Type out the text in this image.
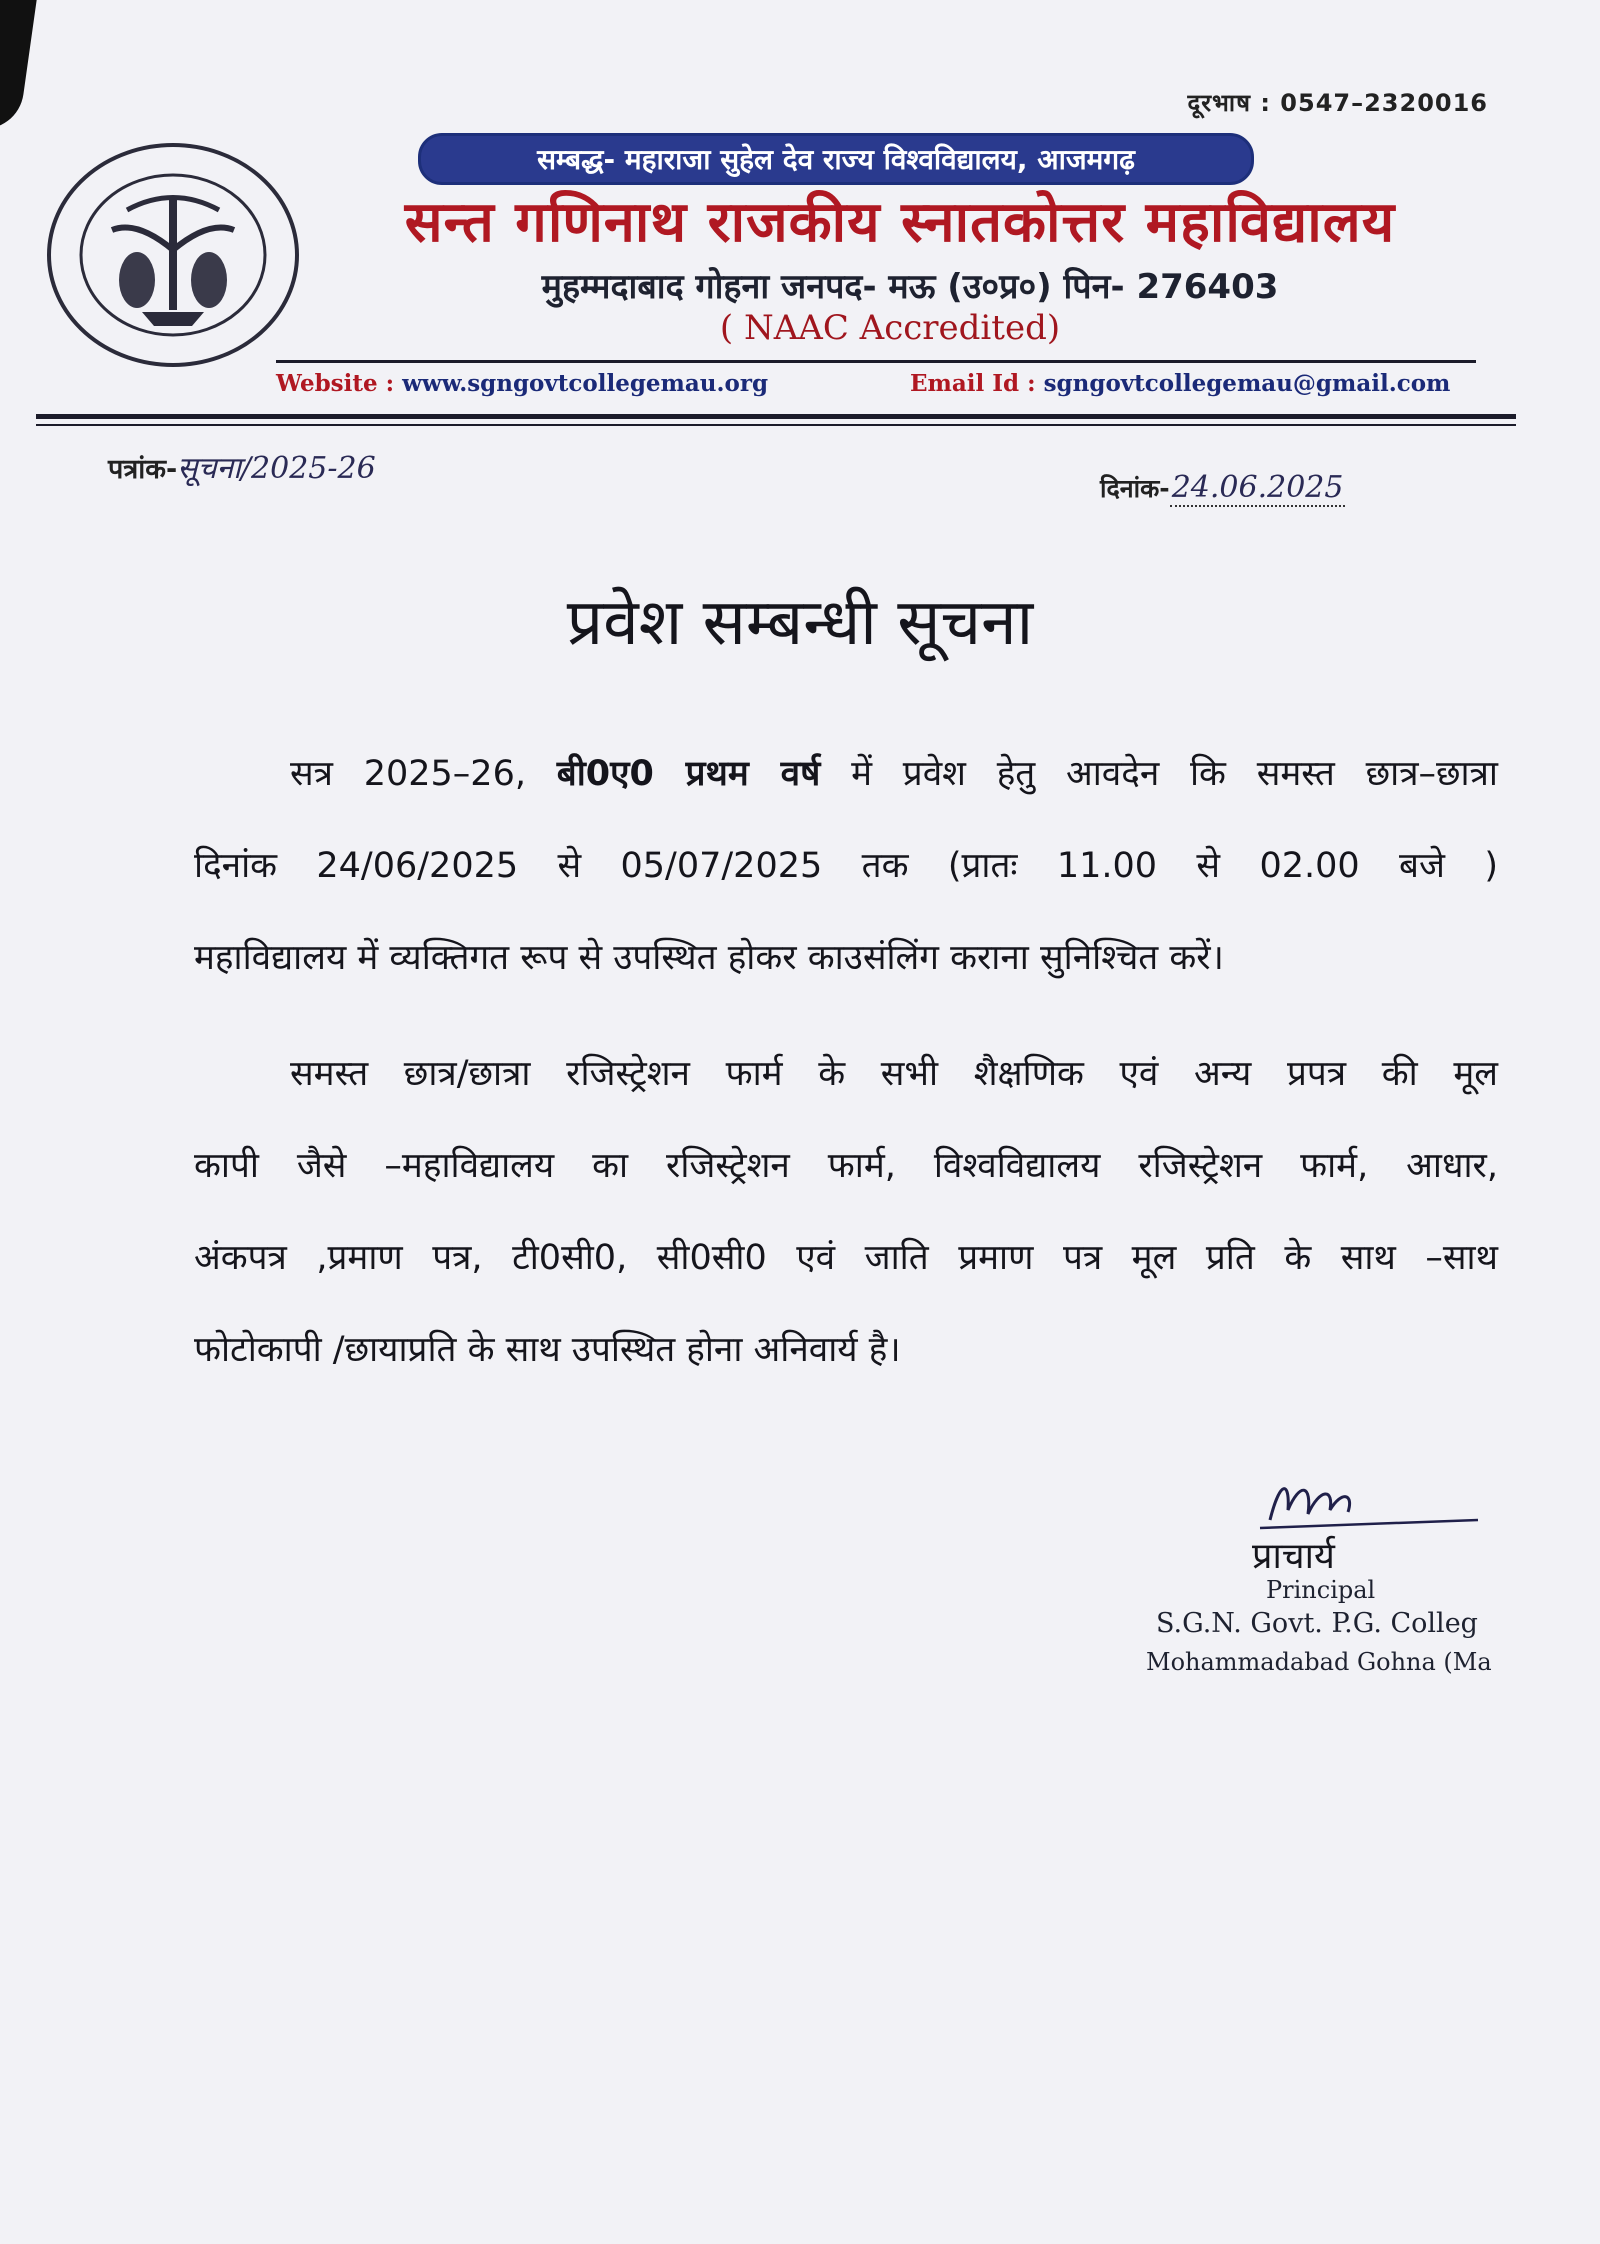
दूरभाष : 0547–2320016
सम्बद्ध- महाराजा सुहेल देव राज्य विश्वविद्यालय, आजमगढ़
सन्त गणिनाथ राजकीय स्नातकोत्तर महाविद्यालय
मुहम्मदाबाद गोहना जनपद- मऊ (उ०प्र०) पिन- 276403
( NAAC Accredited)
Website : www.sgngovtcollegemau.org	Email Id : sgngovtcollegemau@gmail.com
पत्रांक-सूचना/2025-26
दिनांक-24.06.2025
प्रवेश सम्बन्धी सूचना
सत्र 2025–26, बी0ए0 प्रथम वर्ष में प्रवेश हेतु आवदेन कि समस्त छात्र–छात्रा
दिनांक 24/06/2025 से 05/07/2025 तक (प्रातः 11.00 से 02.00 बजे )
महाविद्यालय में व्यक्तिगत रूप से उपस्थित होकर काउसंलिंग कराना सुनिश्चित करें।
समस्त छात्र/छात्रा रजिस्ट्रेशन फार्म के सभी शैक्षणिक एवं अन्य प्रपत्र की मूल
कापी जैसे –महाविद्यालय का रजिस्ट्रेशन फार्म, विश्वविद्यालय रजिस्ट्रेशन फार्म, आधार,
अंकपत्र ,प्रमाण पत्र, टी0सी0, सी0सी0 एवं जाति प्रमाण पत्र मूल प्रति के साथ –साथ
फोटोकापी /छायाप्रति के साथ उपस्थित होना अनिवार्य है।
प्राचार्य
Principal
S.G.N. Govt. P.G. Colleg
Mohammadabad Gohna (Ma
